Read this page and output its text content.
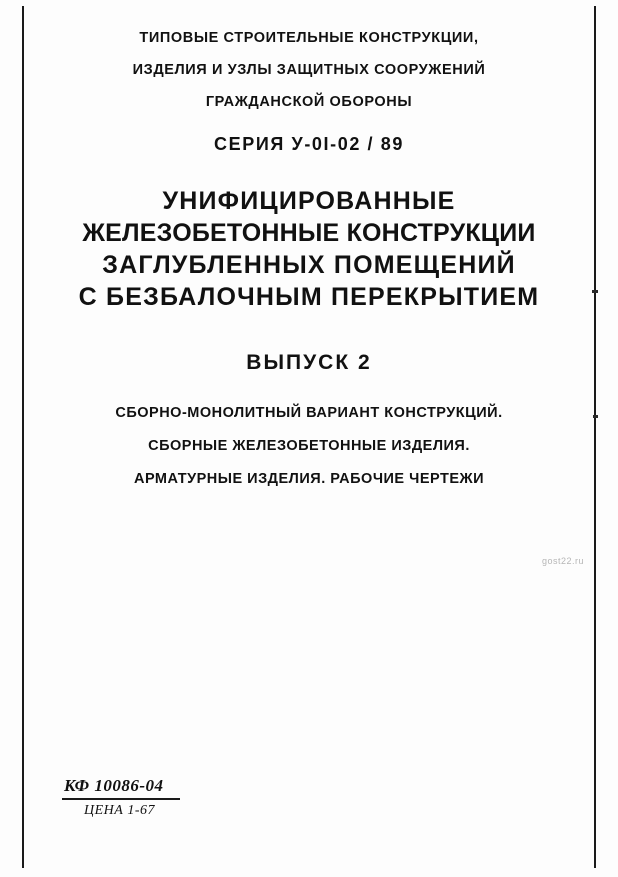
ТИПОВЫЕ СТРОИТЕЛЬНЫЕ КОНСТРУКЦИИ,
ИЗДЕЛИЯ И УЗЛЫ ЗАЩИТНЫХ СООРУЖЕНИЙ
ГРАЖДАНСКОЙ ОБОРОНЫ
СЕРИЯ У-0I-02 / 89
УНИФИЦИРОВАННЫЕ
ЖЕЛЕЗОБЕТОННЫЕ КОНСТРУКЦИИ
ЗАГЛУБЛЕННЫХ ПОМЕЩЕНИЙ
С БЕЗБАЛОЧНЫМ ПЕРЕКРЫТИЕМ
ВЫПУСК 2
СБОРНО-МОНОЛИТНЫЙ ВАРИАНТ КОНСТРУКЦИЙ.
СБОРНЫЕ ЖЕЛЕЗОБЕТОННЫЕ ИЗДЕЛИЯ.
АРМАТУРНЫЕ ИЗДЕЛИЯ. РАБОЧИЕ ЧЕРТЕЖИ
gost22.ru
КФ 10086-04
ЦЕНА 1-67
